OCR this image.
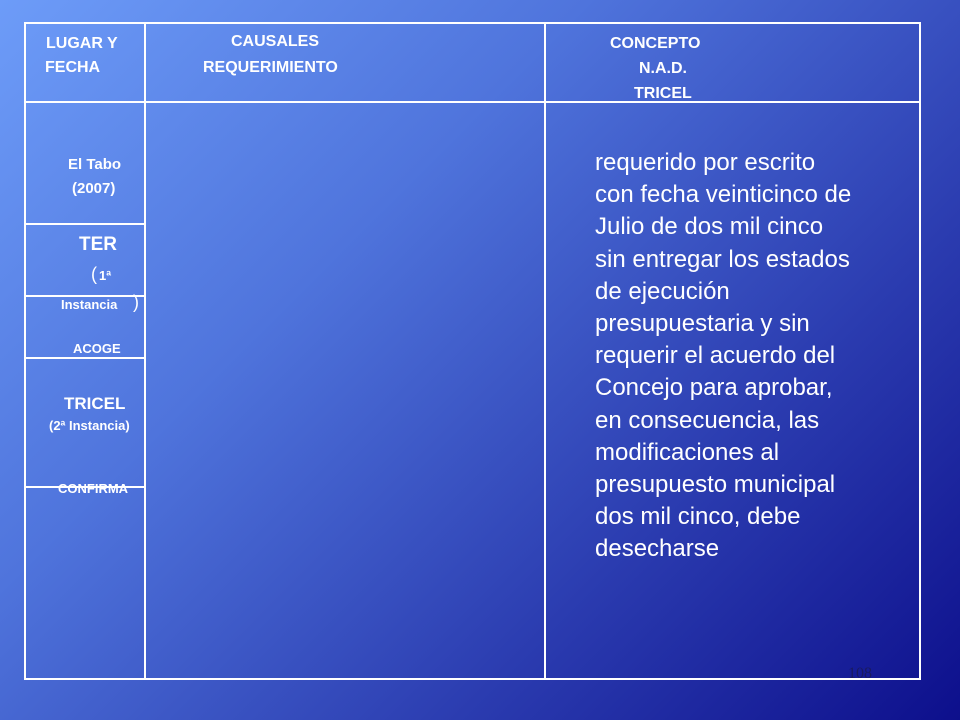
LUGAR Y
FECHA
CAUSALES
REQUERIMIENTO
CONCEPTO
N.A.D.
TRICEL
El Tabo
(2007)
TER
( 1ª
Instancia )
ACOGE
TRICEL
(2ª Instancia)
CONFIRMA
requerido por escrito
con fecha veinticinco de
Julio de dos mil cinco
sin entregar los estados
de ejecución
presupuestaria y sin
requerir el acuerdo del
Concejo para aprobar,
en consecuencia, las
modificaciones al
presupuesto municipal
dos mil cinco, debe
desecharse
108
